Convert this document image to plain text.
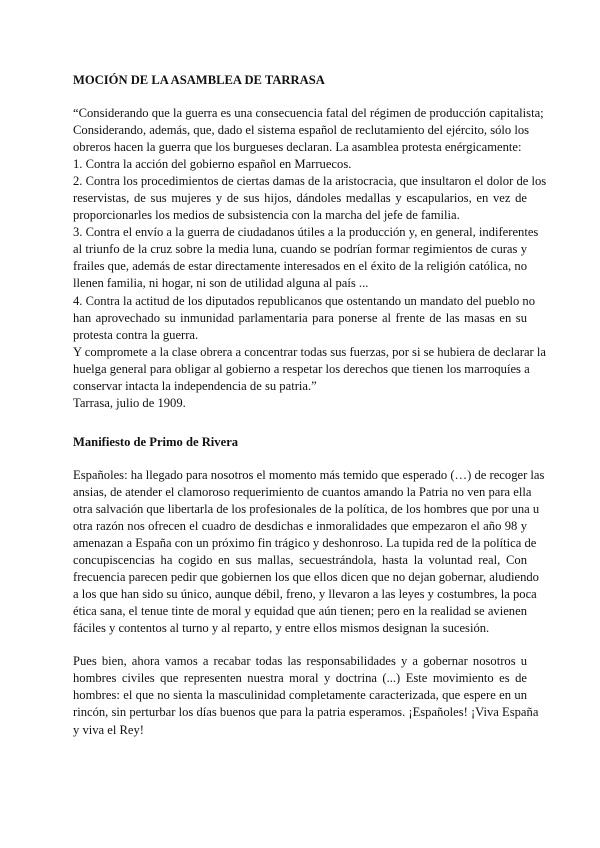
MOCIÓN DE LA ASAMBLEA DE TARRASA
“Considerando que la guerra es una consecuencia fatal del régimen de producción capitalista;
Considerando, además, que, dado el sistema español de reclutamiento del ejército, sólo los
obreros hacen la guerra que los burgueses declaran. La asamblea protesta enérgicamente:
1. Contra la acción del gobierno español en Marruecos.
2. Contra los procedimientos de ciertas damas de la aristocracia, que insultaron el dolor de los
reservistas, de sus mujeres y de sus hijos, dándoles medallas y escapularios, en vez de
proporcionarles los medios de subsistencia con la marcha del jefe de familia.
3. Contra el envío a la guerra de ciudadanos útiles a la producción y, en general, indiferentes
al triunfo de la cruz sobre la media luna, cuando se podrían formar regimientos de curas y
frailes que, además de estar directamente interesados en el éxito de la religión católica, no
llenen familia, ni hogar, ni son de utilidad alguna al país ...
4. Contra la actitud de los diputados republicanos que ostentando un mandato del pueblo no
han aprovechado su inmunidad parlamentaria para ponerse al frente de las masas en su
protesta contra la guerra.
Y compromete a la clase obrera a concentrar todas sus fuerzas, por si se hubiera de declarar la
huelga general para obligar al gobierno a respetar los derechos que tienen los marroquíes a
conservar intacta la independencia de su patria.”
Tarrasa, julio de 1909.
Manifiesto de Primo de Rivera
Españoles: ha llegado para nosotros el momento más temido que esperado (…) de recoger las
ansias, de atender el clamoroso requerimiento de cuantos amando la Patria no ven para ella
otra salvación que libertarla de los profesionales de la política, de los hombres que por una u
otra razón nos ofrecen el cuadro de desdichas e inmoralidades que empezaron el año 98 y
amenazan a España con un próximo fin trágico y deshonroso. La tupida red de la política de
concupiscencias ha cogido en sus mallas, secuestrándola, hasta la voluntad real, Con
frecuencia parecen pedir que gobiernen los que ellos dicen que no dejan gobernar, aludiendo
a los que han sido su único, aunque débil, freno, y llevaron a las leyes y costumbres, la poca
ética sana, el tenue tinte de moral y equidad que aún tienen; pero en la realidad se avienen
fáciles y contentos al turno y al reparto, y entre ellos mismos designan la sucesión.
Pues bien, ahora vamos a recabar todas las responsabilidades y a gobernar nosotros u
hombres civiles que representen nuestra moral y doctrina (...) Este movimiento es de
hombres: el que no sienta la masculinidad completamente caracterizada, que espere en un
rincón, sin perturbar los días buenos que para la patria esperamos. ¡Españoles! ¡Viva España
y viva el Rey!
